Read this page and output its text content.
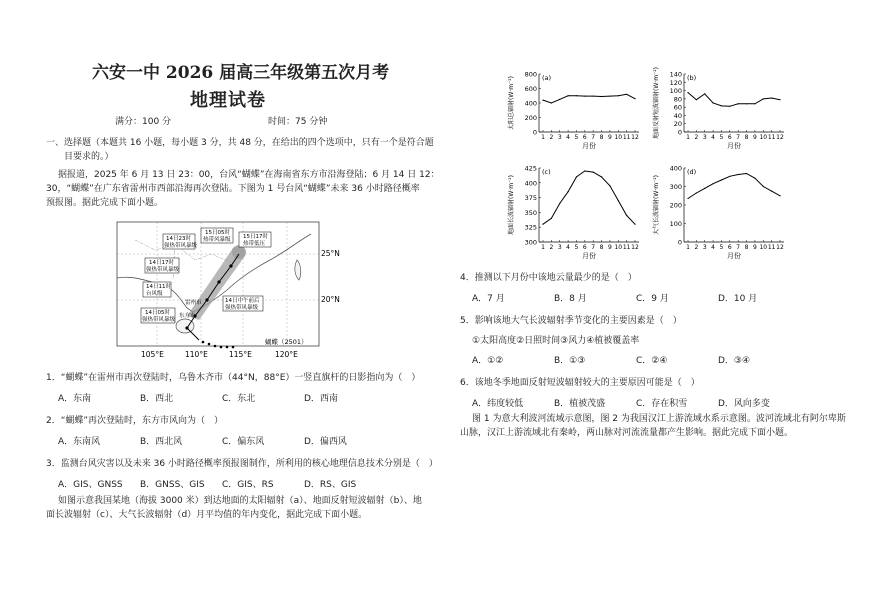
六安一中 2026 届高三年级第五次月考
地理试卷
满分：100 分	时间：75 分钟
一、选择题（本题共 16 小题，每小题 3 分，共 48 分，在给出的四个选项中，只有一个是符合题
目要求的。）
据报道，2025 年 6 月 13 日 23：00，台风“蝴蝶”在海南省东方市沿海登陆；6 月 14 日 12：
30，“蝴蝶”在广东省雷州市西部沿海再次登陆。下图为 1 号台风“蝴蝶”未来 36 小时路径概率
预报图。据此完成下面小题。
14日23时
强热带风暴级
15日05时
热带风暴级 15日17时
热带低压
14日17时
强热带风暴级
14日11时
台风级
14日05时
强热带风暴级
14日中午前后
强热带风暴级
雷州市
东方市
蝴蝶（2501）
25°N
20°N
105°E	110°E	115°E	120°E
1．“蝴蝶”在雷州市再次登陆时，乌鲁木齐市（44°N，88°E）一竖直旗杆的日影指向为（　）
A．东南	B．西北	C．东北	D．西南
2．“蝴蝶”再次登陆时，东方市风向为（　）
A．东南风	B．西北风	C．偏东风	D．偏西风
3．监测台风灾害以及未来 36 小时路径概率预报图制作，所利用的核心地理信息技术分别是（　）
A．GIS、GNSS B．GNSS、GIS C．GIS、RS	D．RS、GIS
如图示意我国某地（海拔 3000 米）到达地面的太阳辐射（a）、地面反射短波辐射（b）、地
面长波辐射（c）、大气长波辐射（d）月平均值的年内变化，据此完成下面小题。
0
200
400
600
800
1 2 3 4 5 6 7 8 9 10 11 12
(a)
月份
太阳总辐射(W·m⁻²)
0
20
40
60
80
100
120
140
1 2 3 4 5 6 7 8 9 10 11 12
(b)
月份
地面反射短波辐射(W·m⁻²)
300
325
350
375
400
425
1 2 3 4 5 6 7 8 9 10 11 12
(c)
月份
地面长波辐射(W·m⁻²)
0
100
200
300
400
1 2 3 4 5 6 7 8 9 10 11 12
(d)
月份
大气长波辐射(W·m⁻²)
4．推测以下月份中该地云量最少的是（　）
A．7 月	B．8 月	C．9 月	D．10 月
5．影响该地大气长波辐射季节变化的主要因素是（　）
①太阳高度②日照时间③风力④植被覆盖率
A．①②	B．①③	C．②④	D．③④
6．该地冬季地面反射短波辐射较大的主要原因可能是（　）
A．纬度较低	B．植被茂盛	C．存在积雪	D．风向多变
图 1 为意大利波河流域示意图，图 2 为我国汉江上游流域水系示意图。波河流域北有阿尔卑斯
山脉，汉江上游流域北有秦岭，两山脉对河流流量都产生影响。据此完成下面小题。
